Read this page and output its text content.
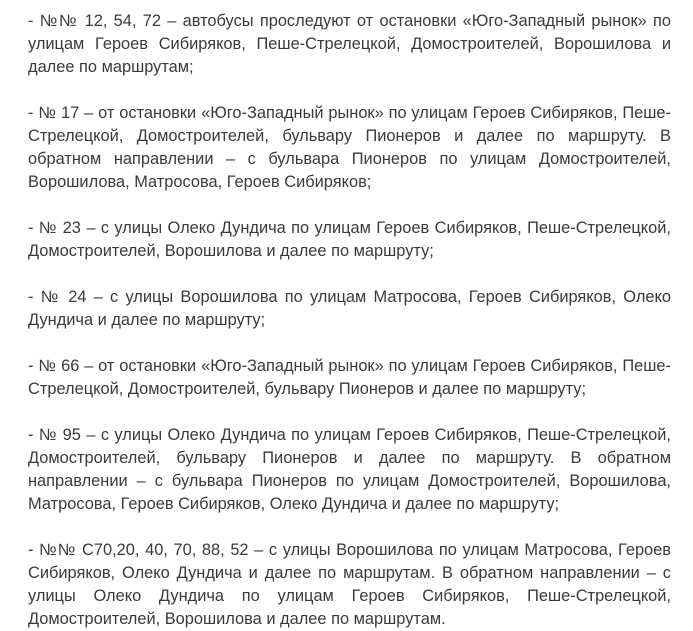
- №№ 12, 54, 72 – автобусы проследуют от остановки «Юго-Западный рынок» по улицам Героев Сибиряков, Пеше-Стрелецкой, Домостроителей, Ворошилова и далее по маршрутам;

- № 17 – от остановки «Юго-Западный рынок» по улицам Героев Сибиряков, Пеше-Стрелецкой, Домостроителей, бульвару Пионеров и далее по маршруту. В обратном направлении – с бульвара Пионеров по улицам Домостроителей, Ворошилова, Матросова, Героев Сибиряков;

- № 23 – с улицы Олеко Дундича по улицам Героев Сибиряков, Пеше-Стрелецкой, Домостроителей, Ворошилова и далее по маршруту;

- № 24 – с улицы Ворошилова по улицам Матросова, Героев Сибиряков, Олеко Дундича и далее по маршруту;

- № 66 – от остановки «Юго-Западный рынок» по улицам Героев Сибиряков, Пеше-Стрелецкой, Домостроителей, бульвару Пионеров и далее по маршруту;

- № 95 – с улицы Олеко Дундича по улицам Героев Сибиряков, Пеше-Стрелецкой, Домостроителей, бульвару Пионеров и далее по маршруту. В обратном направлении – с бульвара Пионеров по улицам Домостроителей, Ворошилова, Матросова, Героев Сибиряков, Олеко Дундича и далее по маршруту;

- №№ С70,20, 40, 70, 88, 52 – с улицы Ворошилова по улицам Матросова, Героев Сибиряков, Олеко Дундича и далее по маршрутам. В обратном направлении – с улицы Олеко Дундича по улицам Героев Сибиряков, Пеше-Стрелецкой, Домостроителей, Ворошилова и далее по маршрутам.
